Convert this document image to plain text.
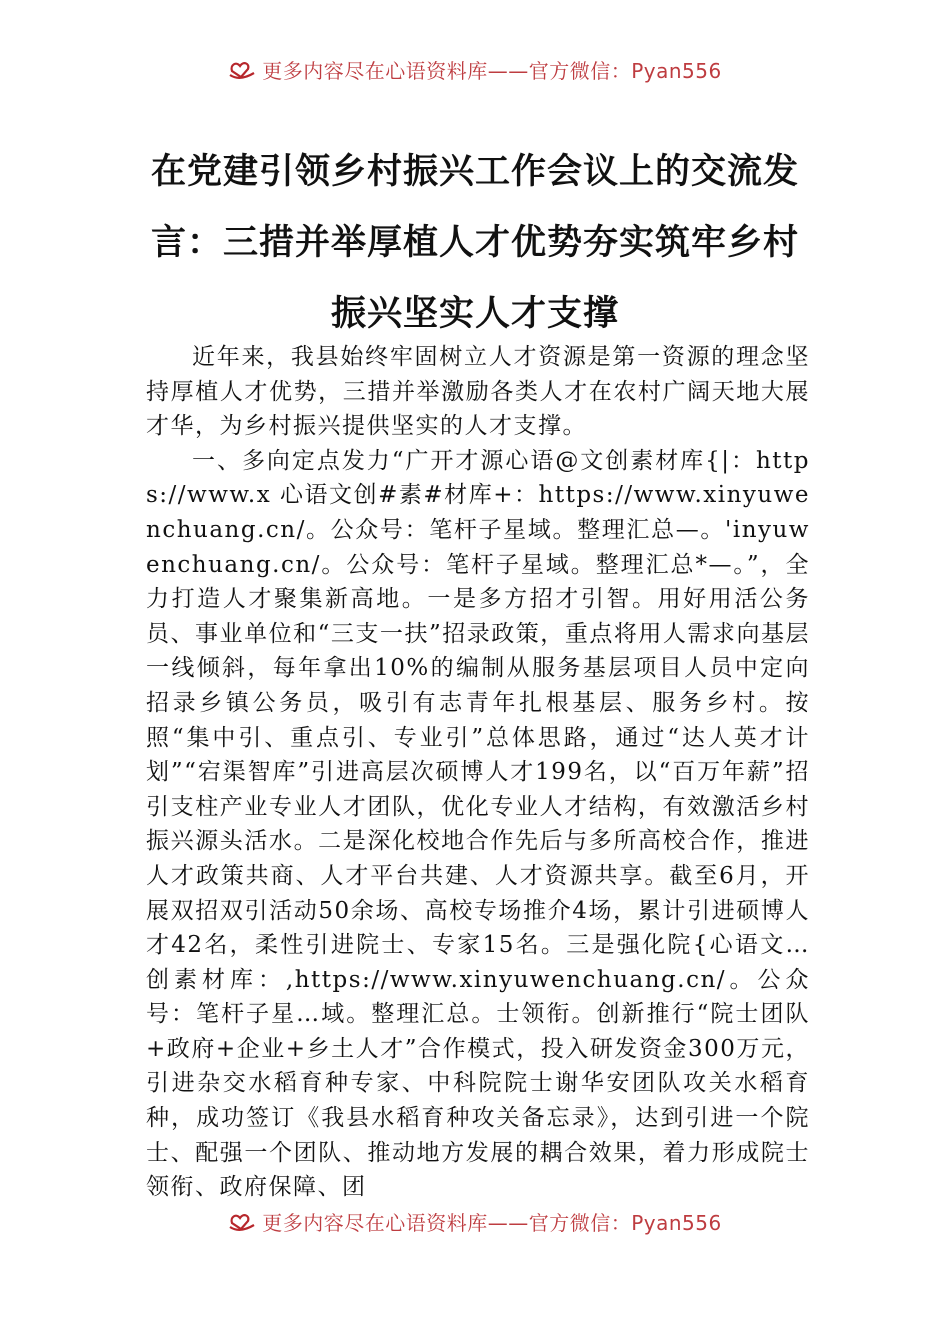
更多内容尽在心语资料库——官方微信：Pyan556
在党建引领乡村振兴工作会议上的交流发
言：三措并举厚植人才优势夯实筑牢乡村
振兴坚实人才支撑

近年来，我县始终牢固树立人才资源是第一资源的理念坚持厚植人才优势，三措并举激励各类人才在农村广阔天地大展才华，为乡村振兴提供坚实的人才支撑。

一、多向定点发力“广开才源心语@文创素材库{|：https://www.x 心语文创#素#材库+：https://www.xinyuwenchuang.cn/。公众号：笔杆子星域。整理汇总—。'inyuwenchuang.cn/。公众号：笔杆子星域。整理汇总*—。”，全力打造人才聚集新高地。一是多方招才引智。用好用活公务员、事业单位和“三支一扶”招录政策，重点将用人需求向基层一线倾斜，每年拿出10%的编制从服务基层项目人员中定向招录乡镇公务员，吸引有志青年扎根基层、服务乡村。按照“集中引、重点引、专业引”总体思路，通过“达人英才计划”“宕渠智库”引进高层次硕博人才199名，以“百万年薪”招引支柱产业专业人才团队，优化专业人才结构，有效激活乡村振兴源头活水。二是深化校地合作先后与多所高校合作，推进人才政策共商、人才平台共建、人才资源共享。截至6月，开展双招双引活动50余场、高校专场推介4场，累计引进硕博人才42名，柔性引进院士、专家15名。三是强化院{心语文…创素材库：,https://www.xinyuwenchuang.cn/。公众号：笔杆子星…域。整理汇总。士领衔。创新推行“院士团队+政府+企业+乡土人才”合作模式，投入研发资金300万元，引进杂交水稻育种专家、中科院院士谢华安团队攻关水稻育种，成功签订《我县水稻育种攻关备忘录》，达到引进一个院士、配强一个团队、推动地方发展的耦合效果，着力形成院士领衔、政府保障、团

更多内容尽在心语资料库——官方微信：Pyan556
